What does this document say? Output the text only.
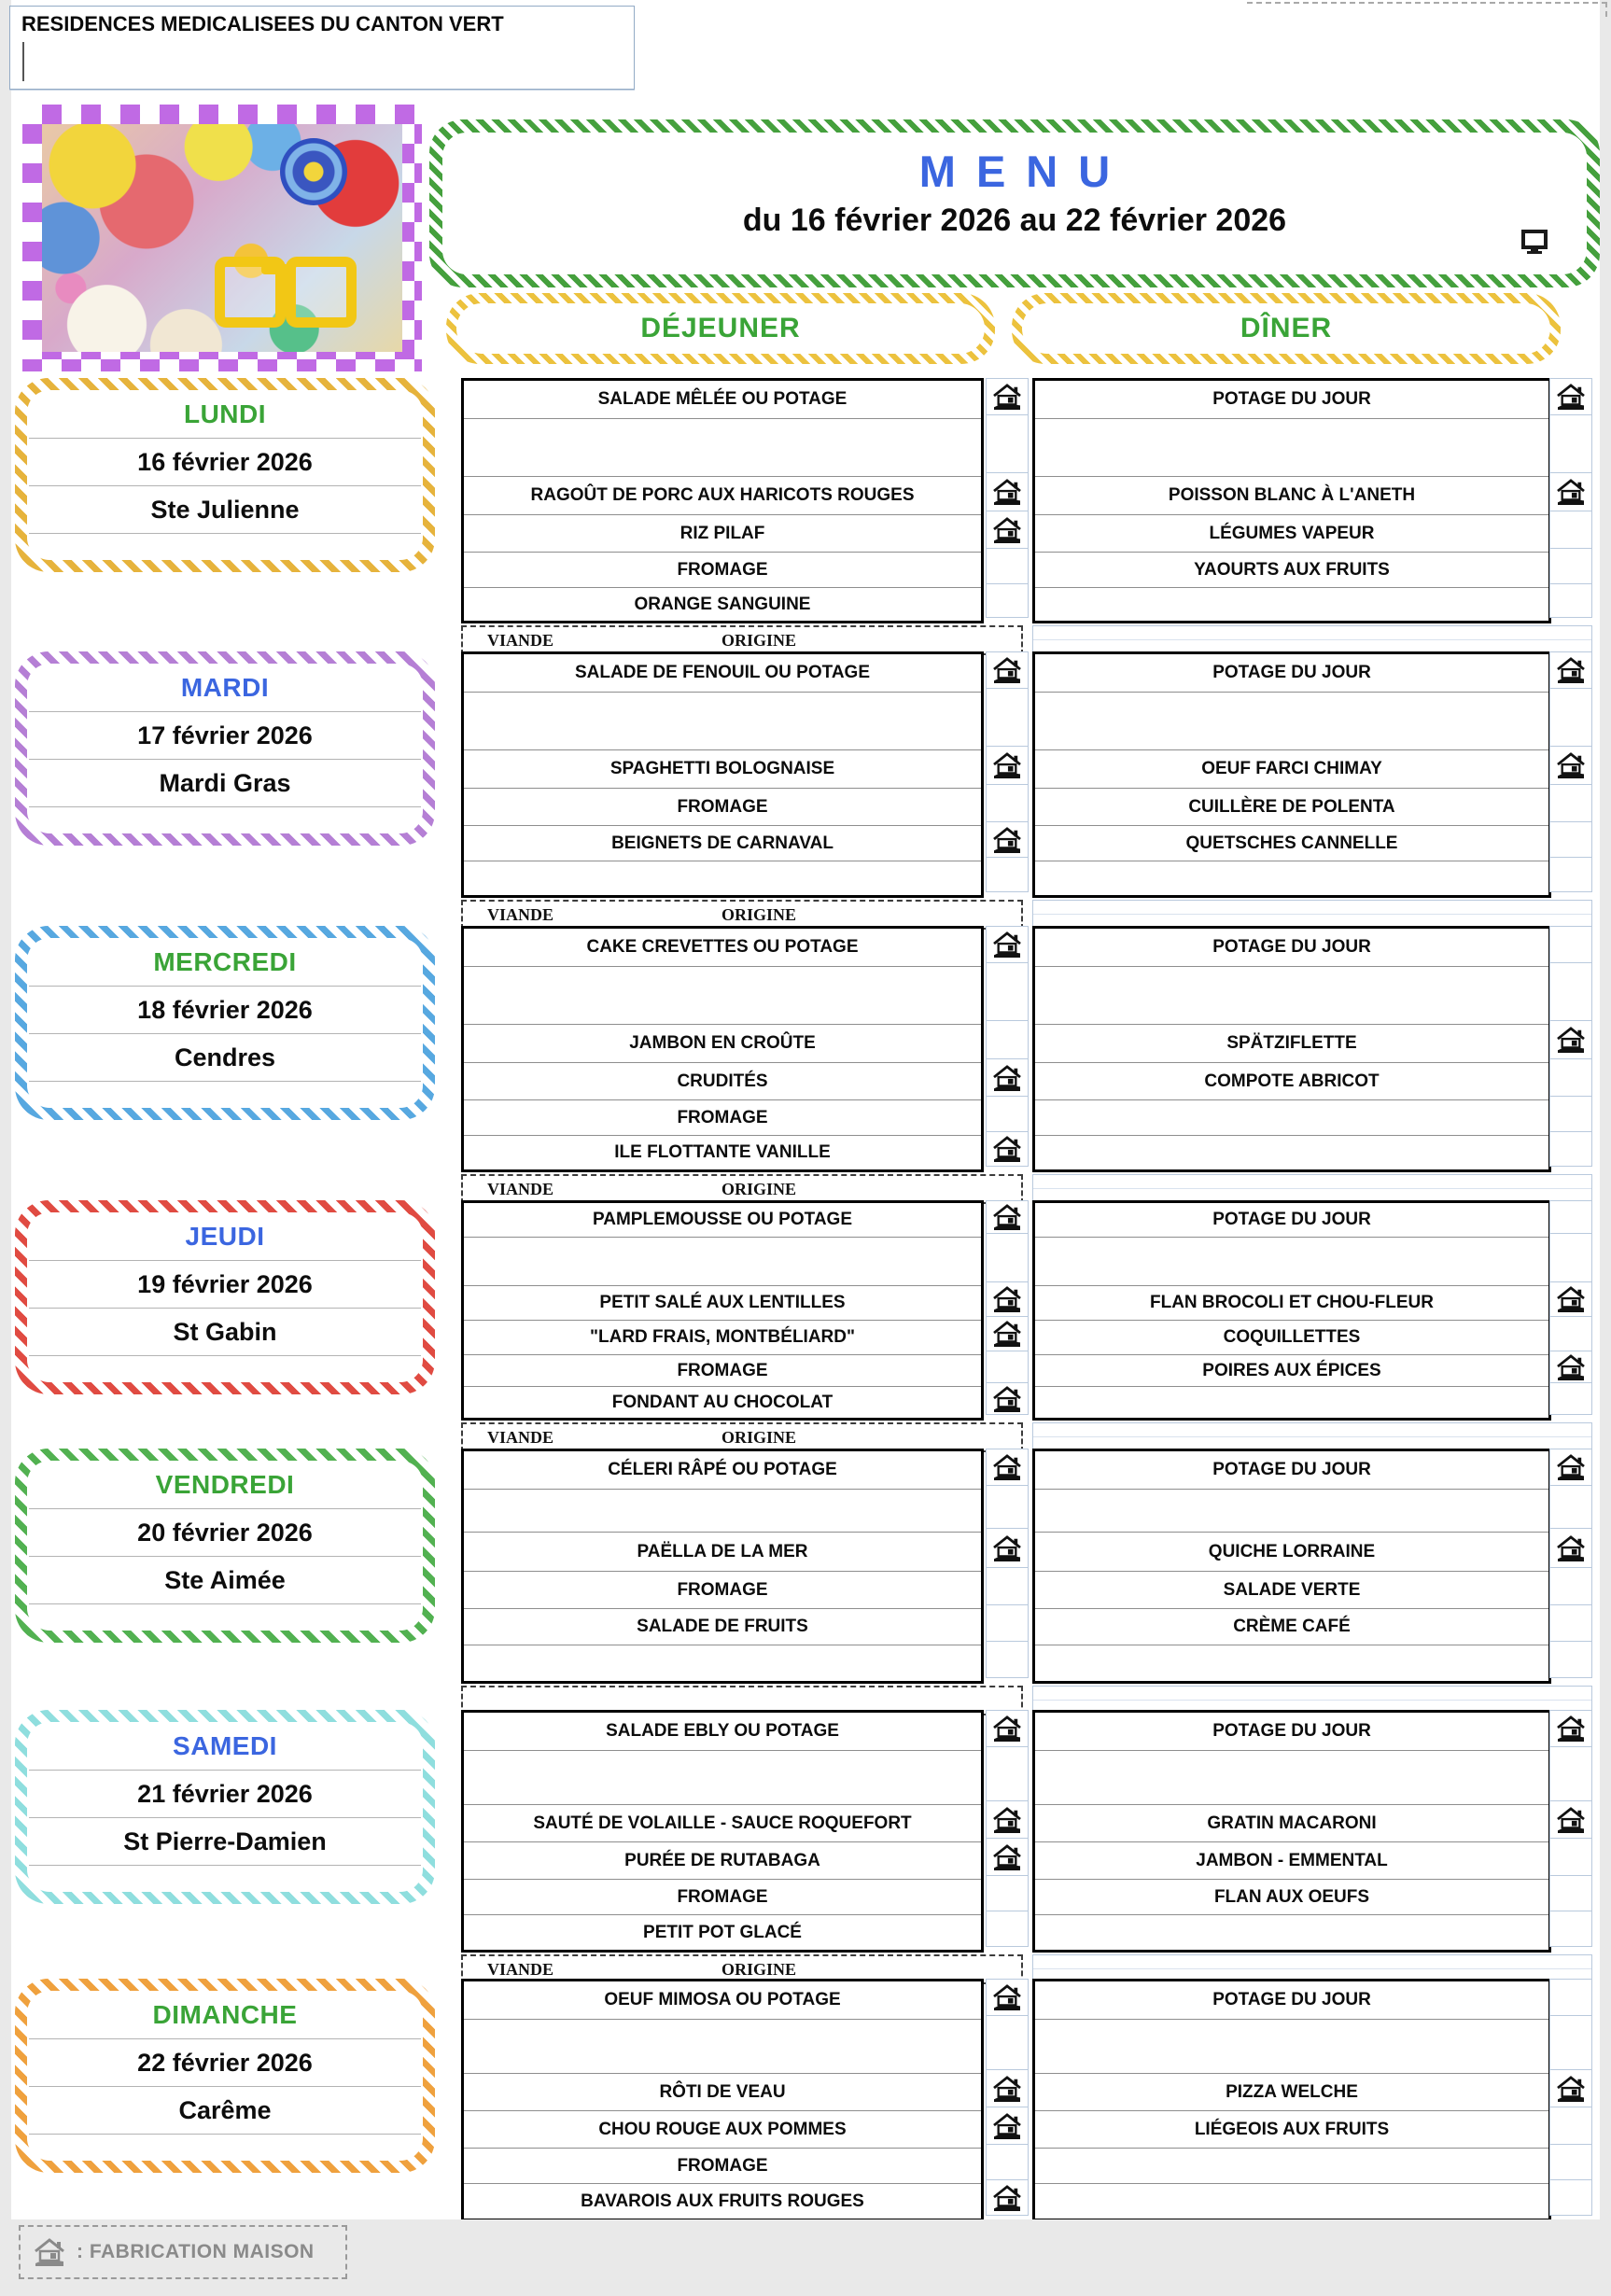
RESIDENCES MEDICALISEES DU CANTON VERT
MENU
du 16 février 2026 au 22 février 2026
DÉJEUNER	DÎNER
LUNDI
16 février 2026
Ste Julienne
SALADE MÊLÉE OU POTAGE
RAGOÛT DE PORC AUX HARICOTS ROUGES
RIZ PILAF
FROMAGE
ORANGE SANGUINE
POTAGE DU JOUR
POISSON BLANC À L'ANETH
LÉGUMES VAPEUR
YAOURTS AUX FRUITS
VIANDE	ORIGINE
MARDI
17 février 2026
Mardi Gras
SALADE DE FENOUIL OU POTAGE
SPAGHETTI BOLOGNAISE
FROMAGE
BEIGNETS DE CARNAVAL
POTAGE DU JOUR
OEUF FARCI CHIMAY
CUILLÈRE DE POLENTA
QUETSCHES CANNELLE
VIANDE	ORIGINE
MERCREDI
18 février 2026
Cendres
CAKE CREVETTES OU POTAGE
JAMBON EN CROÛTE
CRUDITÉS
FROMAGE
ILE FLOTTANTE VANILLE
POTAGE DU JOUR
SPÄTZIFLETTE
COMPOTE ABRICOT
VIANDE	ORIGINE
JEUDI
19 février 2026
St Gabin
PAMPLEMOUSSE OU POTAGE
PETIT SALÉ AUX LENTILLES
"LARD FRAIS, MONTBÉLIARD"
FROMAGE
FONDANT AU CHOCOLAT
POTAGE DU JOUR
FLAN BROCOLI ET CHOU-FLEUR
COQUILLETTES
POIRES AUX ÉPICES
VIANDE	ORIGINE
VENDREDI
20 février 2026
Ste Aimée
CÉLERI RÂPÉ OU POTAGE
PAËLLA DE LA MER
FROMAGE
SALADE DE FRUITS
POTAGE DU JOUR
QUICHE LORRAINE
SALADE VERTE
CRÈME CAFÉ
SAMEDI
21 février 2026
St Pierre-Damien
SALADE EBLY OU POTAGE
SAUTÉ DE VOLAILLE - SAUCE ROQUEFORT
PURÉE DE RUTABAGA
FROMAGE
PETIT POT GLACÉ
POTAGE DU JOUR
GRATIN MACARONI
JAMBON - EMMENTAL
FLAN AUX OEUFS
VIANDE	ORIGINE
DIMANCHE
22 février 2026
Carême
OEUF MIMOSA OU POTAGE
RÔTI DE VEAU
CHOU ROUGE AUX POMMES
FROMAGE
BAVAROIS AUX FRUITS ROUGES
POTAGE DU JOUR
PIZZA WELCHE
LIÉGEOIS AUX FRUITS
: FABRICATION MAISON
